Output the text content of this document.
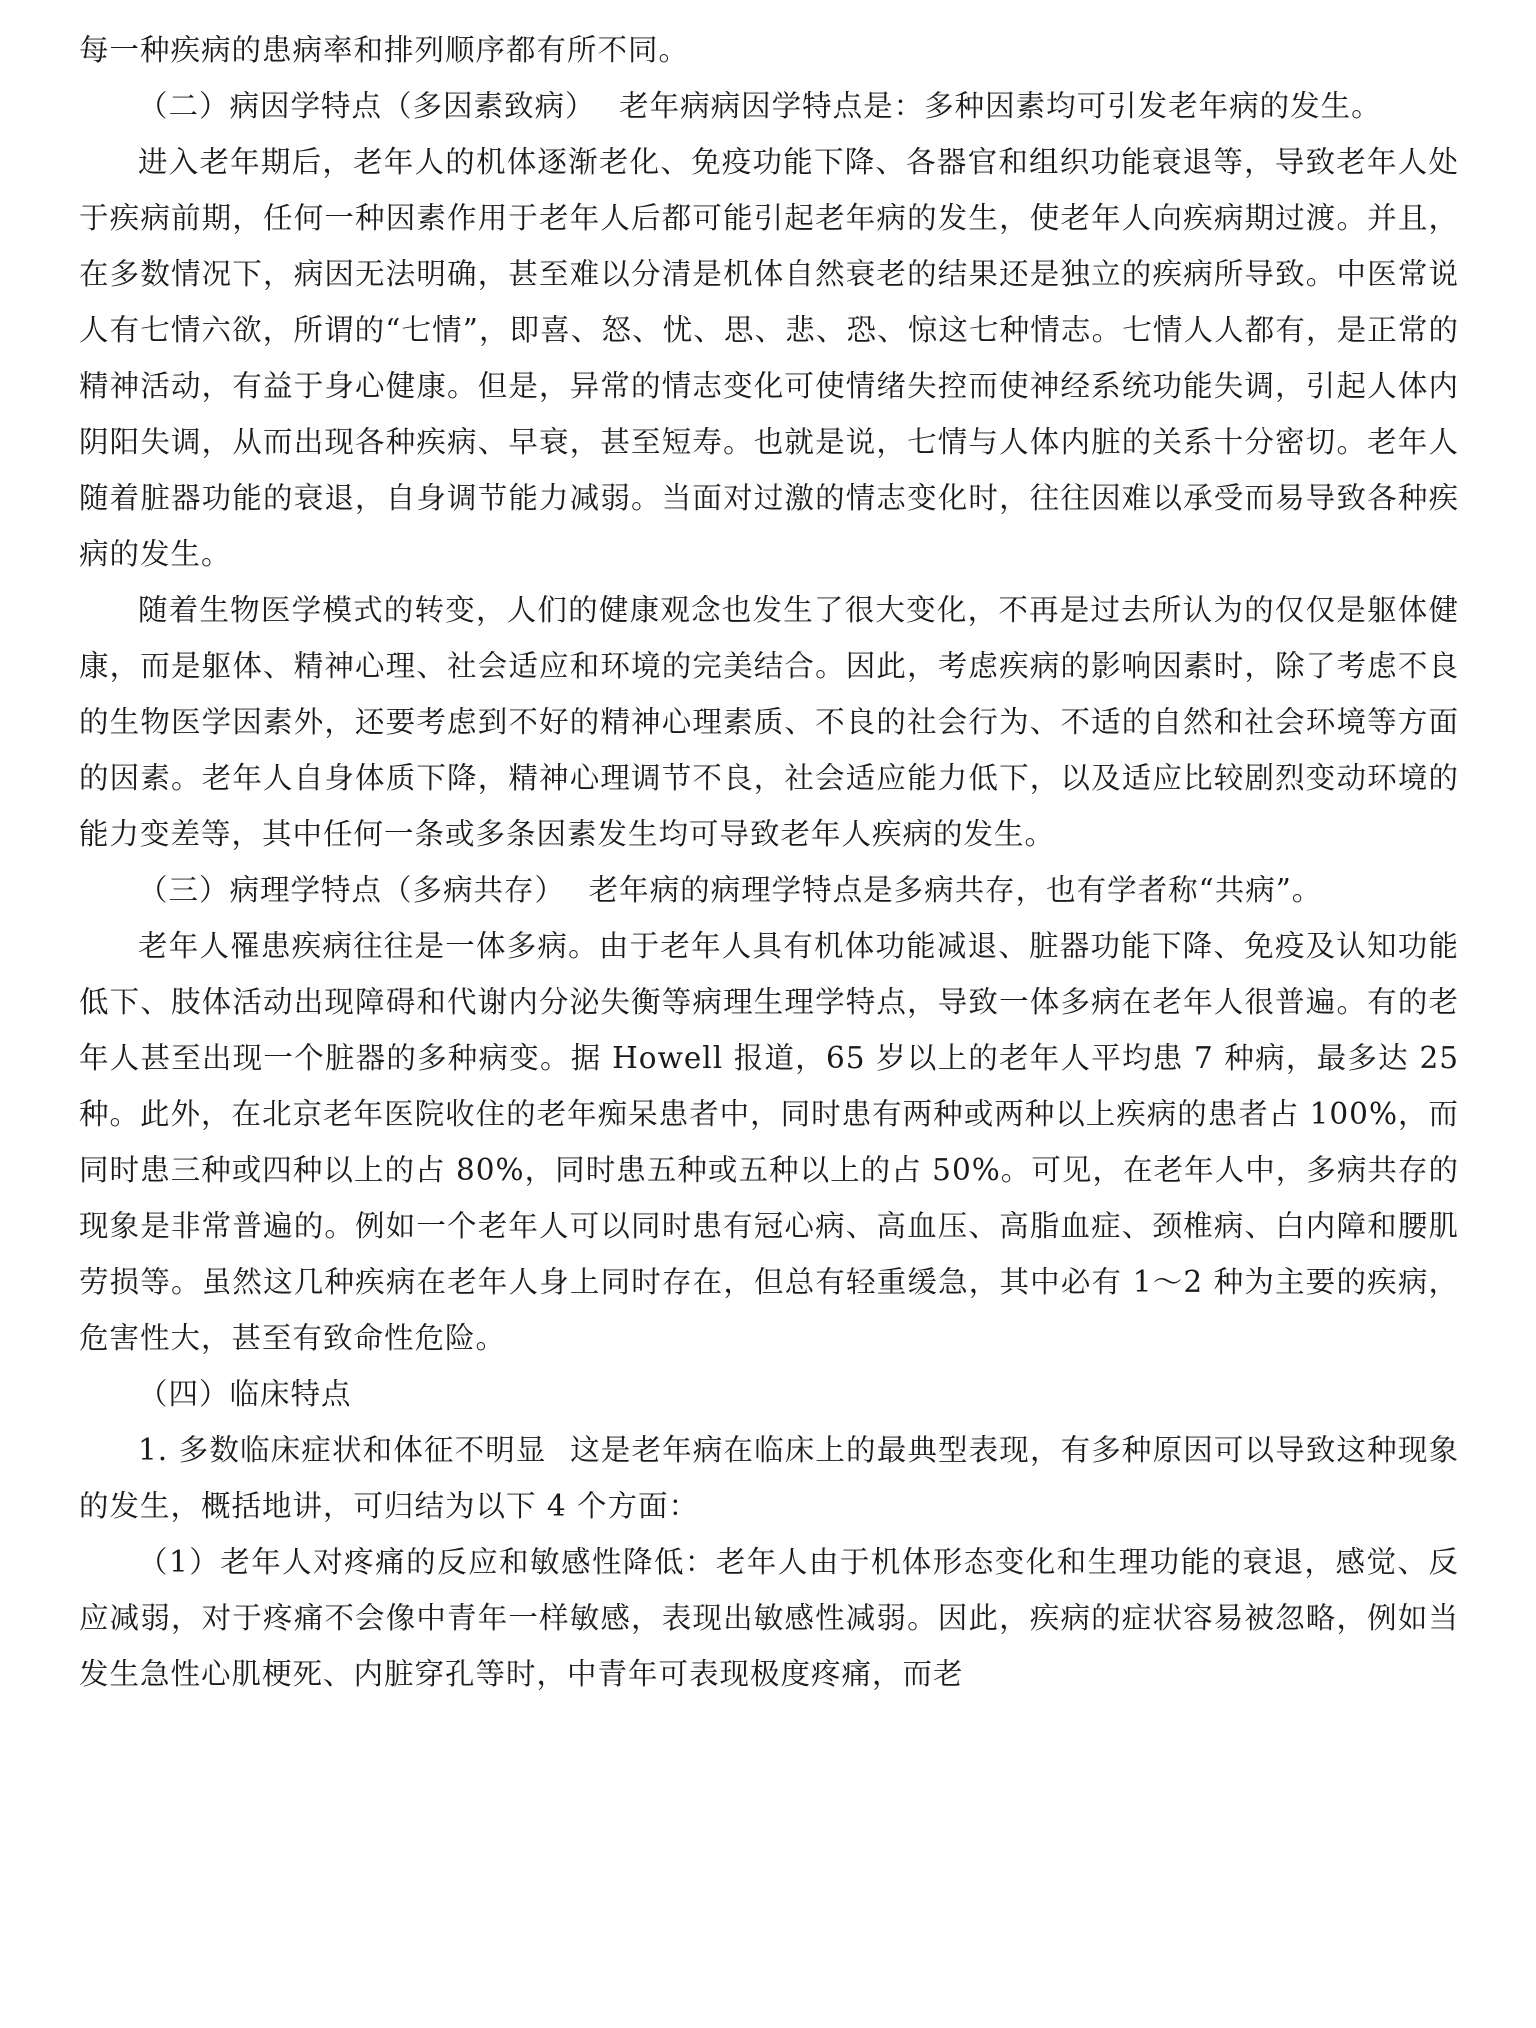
每一种疾病的患病率和排列顺序都有所不同。

（二）病因学特点（多因素致病） 老年病病因学特点是：多种因素均可引发老年病的发生。

进入老年期后，老年人的机体逐渐老化、免疫功能下降、各器官和组织功能衰退等，导致老年人处于疾病前期，任何一种因素作用于老年人后都可能引起老年病的发生，使老年人向疾病期过渡。并且，在多数情况下，病因无法明确，甚至难以分清是机体自然衰老的结果还是独立的疾病所导致。中医常说人有七情六欲，所谓的“七情”，即喜、怒、忧、思、悲、恐、惊这七种情志。七情人人都有，是正常的精神活动，有益于身心健康。但是，异常的情志变化可使情绪失控而使神经系统功能失调，引起人体内阴阳失调，从而出现各种疾病、早衰，甚至短寿。也就是说，七情与人体内脏的关系十分密切。老年人随着脏器功能的衰退，自身调节能力减弱。当面对过激的情志变化时，往往因难以承受而易导致各种疾病的发生。

随着生物医学模式的转变，人们的健康观念也发生了很大变化，不再是过去所认为的仅仅是躯体健康，而是躯体、精神心理、社会适应和环境的完美结合。因此，考虑疾病的影响因素时，除了考虑不良的生物医学因素外，还要考虑到不好的精神心理素质、不良的社会行为、不适的自然和社会环境等方面的因素。老年人自身体质下降，精神心理调节不良，社会适应能力低下，以及适应比较剧烈变动环境的能力变差等，其中任何一条或多条因素发生均可导致老年人疾病的发生。

（三）病理学特点（多病共存） 老年病的病理学特点是多病共存，也有学者称“共病”。

老年人罹患疾病往往是一体多病。由于老年人具有机体功能减退、脏器功能下降、免疫及认知功能低下、肢体活动出现障碍和代谢内分泌失衡等病理生理学特点，导致一体多病在老年人很普遍。有的老年人甚至出现一个脏器的多种病变。据 Howell 报道，65 岁以上的老年人平均患 7 种病，最多达 25 种。此外，在北京老年医院收住的老年痴呆患者中，同时患有两种或两种以上疾病的患者占 100%，而同时患三种或四种以上的占 80%，同时患五种或五种以上的占 50%。可见，在老年人中，多病共存的现象是非常普遍的。例如一个老年人可以同时患有冠心病、高血压、高脂血症、颈椎病、白内障和腰肌劳损等。虽然这几种疾病在老年人身上同时存在，但总有轻重缓急，其中必有 1～2 种为主要的疾病，危害性大，甚至有致命性危险。

（四）临床特点

1. 多数临床症状和体征不明显 这是老年病在临床上的最典型表现，有多种原因可以导致这种现象的发生，概括地讲，可归结为以下 4 个方面：

（1）老年人对疼痛的反应和敏感性降低：老年人由于机体形态变化和生理功能的衰退，感觉、反应减弱，对于疼痛不会像中青年一样敏感，表现出敏感性减弱。因此，疾病的症状容易被忽略，例如当发生急性心肌梗死、内脏穿孔等时，中青年可表现极度疼痛，而老
